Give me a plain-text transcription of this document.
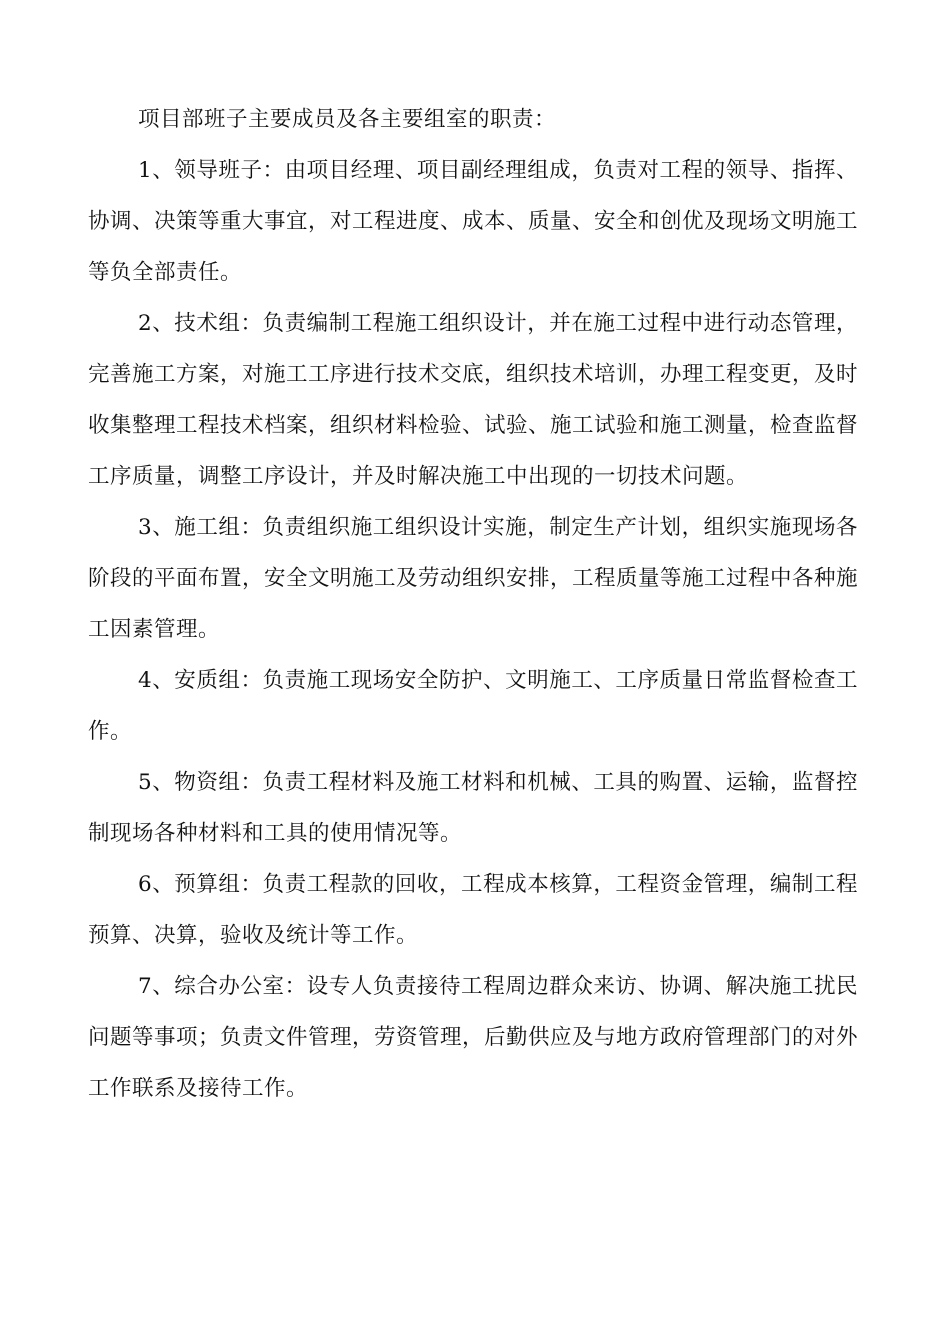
项目部班子主要成员及各主要组室的职责：

1、领导班子：由项目经理、项目副经理组成，负责对工程的领导、指挥、协调、决策等重大事宜，对工程进度、成本、质量、安全和创优及现场文明施工等负全部责任。

2、技术组：负责编制工程施工组织设计，并在施工过程中进行动态管理，完善施工方案，对施工工序进行技术交底，组织技术培训，办理工程变更，及时收集整理工程技术档案，组织材料检验、试验、施工试验和施工测量，检查监督工序质量，调整工序设计，并及时解决施工中出现的一切技术问题。

3、施工组：负责组织施工组织设计实施，制定生产计划，组织实施现场各阶段的平面布置，安全文明施工及劳动组织安排，工程质量等施工过程中各种施工因素管理。

4、安质组：负责施工现场安全防护、文明施工、工序质量日常监督检查工作。

5、物资组：负责工程材料及施工材料和机械、工具的购置、运输，监督控制现场各种材料和工具的使用情况等。

6、预算组：负责工程款的回收，工程成本核算，工程资金管理，编制工程预算、决算，验收及统计等工作。

7、综合办公室：设专人负责接待工程周边群众来访、协调、解决施工扰民问题等事项；负责文件管理，劳资管理，后勤供应及与地方政府管理部门的对外工作联系及接待工作。
